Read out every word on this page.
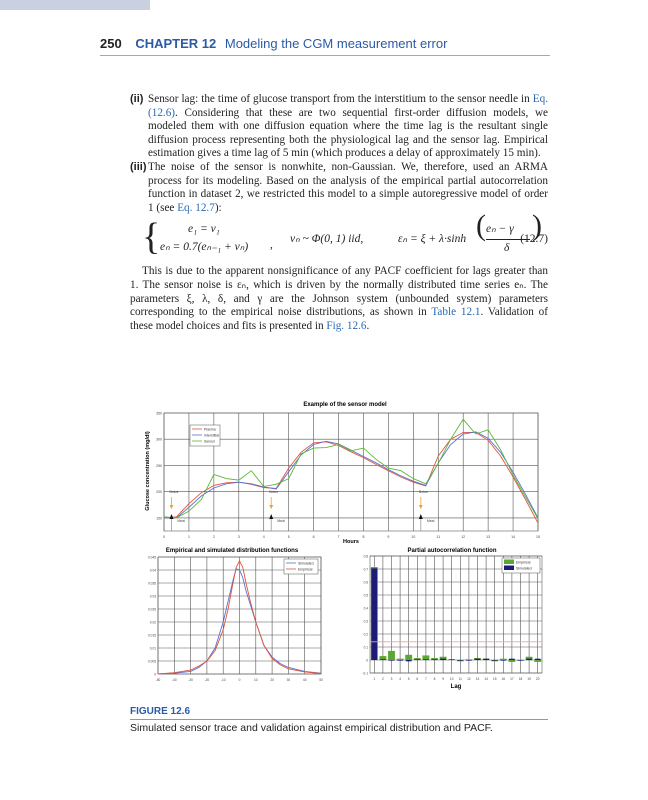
250 CHAPTER 12 Modeling the CGM measurement error
(ii) Sensor lag: the time of glucose transport from the interstitium to the sensor needle in Eq. (12.6). Considering that these are two sequential first-order diffusion models, we modeled them with one diffusion equation where the time lag is the resultant single diffusion process representing both the physiological lag and the sensor lag. Empirical estimation gives a time lag of 5 min (which produces a delay of approximately 15 min).
(iii) The noise of the sensor is nonwhite, non-Gaussian. We, therefore, used an ARMA process for its modeling. Based on the analysis of the empirical partial autocorrelation function in dataset 2, we restricted this model to a simple autoregressive model of order 1 (see Eq. 12.7):
{ e₁ = v₁
eₙ = 0.7(eₙ₋₁ + vₙ) , vₙ ~ Φ(0, 1) iid,	εₙ = ξ + λ·sinh ( eₙ − γ
δ
)
(12.7)
This is due to the apparent nonsignificance of any PACF coefficient for lags greater than 1. The sensor noise is εₙ, which is driven by the normally distributed time series eₙ. The parameters ξ, λ, δ, and γ are the Johnson system (unbounded system) parameters corresponding to the empirical noise distributions, as shown in Table 12.1. Validation of these model choices and fits is presented in Fig. 12.6.
Example of the sensor model
0	1	2	3	4	5	6	7	8	9	10	11	12	13	14	15
150
200
250
300
350
Plasma
Interstitial
Sensor
Bolus
Meal
Bolus
Meal
Bolus
Meal
Hours
Glucose concentration (mg/dl)
Empirical and simulated distribution functions
-50	-40	-30	-20	-10	0	10	20	30	40	50
0
0.005
0.01
0.015
0.02
0.025
0.03
0.035
0.04
0.045
Simulated
Empirical
Partial autocorrelation function
-0.1
0
0.1
0.2
0.3
0.4
0.5
0.6
0.7
0.8
1 2 3 4 5 6 7 8 9 10 11 12 13 14 15 16 17 18 19 20
Empirical
Simulated
Lag
FIGURE 12.6
Simulated sensor trace and validation against empirical distribution and PACF.
